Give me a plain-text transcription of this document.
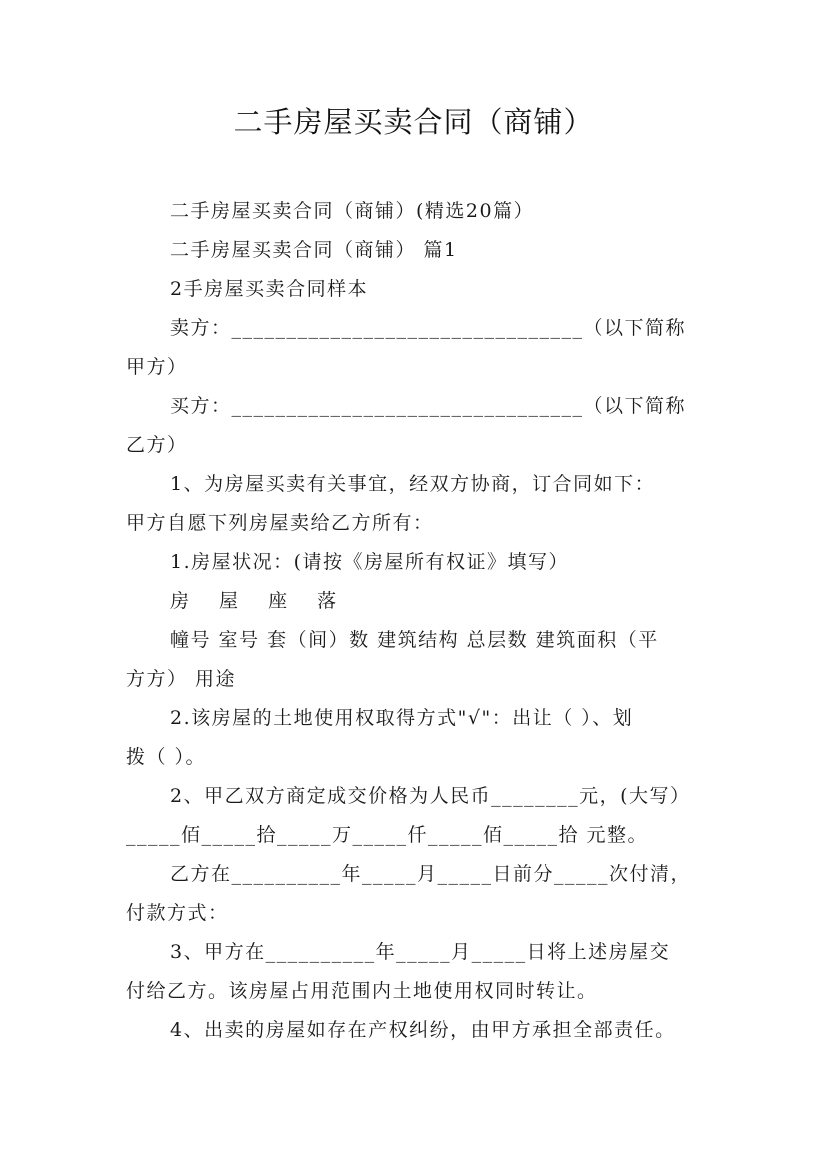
二手房屋买卖合同（商铺）
二手房屋买卖合同（商铺）(精选20篇）
二手房屋买卖合同（商铺） 篇1
2手房屋买卖合同样本
卖方：________________________________（以下简称
甲方）
买方：________________________________（以下简称
乙方）
1、为房屋买卖有关事宜，经双方协商，订合同如下：
甲方自愿下列房屋卖给乙方所有：
1.房屋状况：(请按《房屋所有权证》填写）
房 屋 座 落
幢号 室号 套（间）数 建筑结构 总层数 建筑面积（平
方方） 用途
2.该房屋的土地使用权取得方式"√"：出让（ ）、划
拨（ ）。
2、甲乙双方商定成交价格为人民币________元，(大写）
_____佰_____拾_____万_____仟_____佰_____拾 元整。
乙方在__________年_____月_____日前分_____次付清，
付款方式：
3、甲方在__________年_____月_____日将上述房屋交
付给乙方。该房屋占用范围内土地使用权同时转让。
4、出卖的房屋如存在产权纠纷，由甲方承担全部责任。
